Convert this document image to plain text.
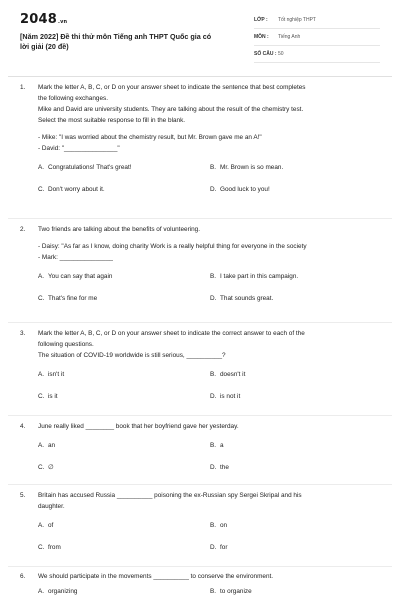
2048.vn
[Năm 2022] Đề thi thử môn Tiếng anh THPT Quốc gia có lời giải (20 đề)
LỚP : Tốt nghiệp THPT
MÔN : Tiếng Anh
SỐ CÂU : 50
1. Mark the letter A, B, C, or D on your answer sheet to indicate the sentence that best completes
the following exchanges.
Mike and David are university students. They are talking about the result of the chemistry test.
Select the most suitable response to fill in the blank.
- Mike: "I was worried about the chemistry result, but Mr. Brown gave me an A!"
- David: "_______________"
A. Congratulations! That's great!	B. Mr. Brown is so mean.
C. Don't worry about it.	D. Good luck to you!
2. Two friends are talking about the benefits of volunteering.
- Daisy: "As far as I know, doing charity Work is a really helpful thing for everyone in the society
- Mark: _______________
A. You can say that again	B. I take part in this campaign.
C. That's fine for me	D. That sounds great.
3. Mark the letter A, B, C, or D on your answer sheet to indicate the correct answer to each of the
following questions.
The situation of COVID-19 worldwide is still serious, __________?
A. isn't it	B. doesn't it
C. is it	D. is not it
4. June really liked ________ book that her boyfriend gave her yesterday.
A. an	B. a
C. ∅	D. the
5. Britain has accused Russia __________ poisoning the ex-Russian spy Sergei Skripal and his
daughter.
A. of	B. on
C. from	D. for
6. We should participate in the movements __________ to conserve the environment.
A. organizing	B. to organize
